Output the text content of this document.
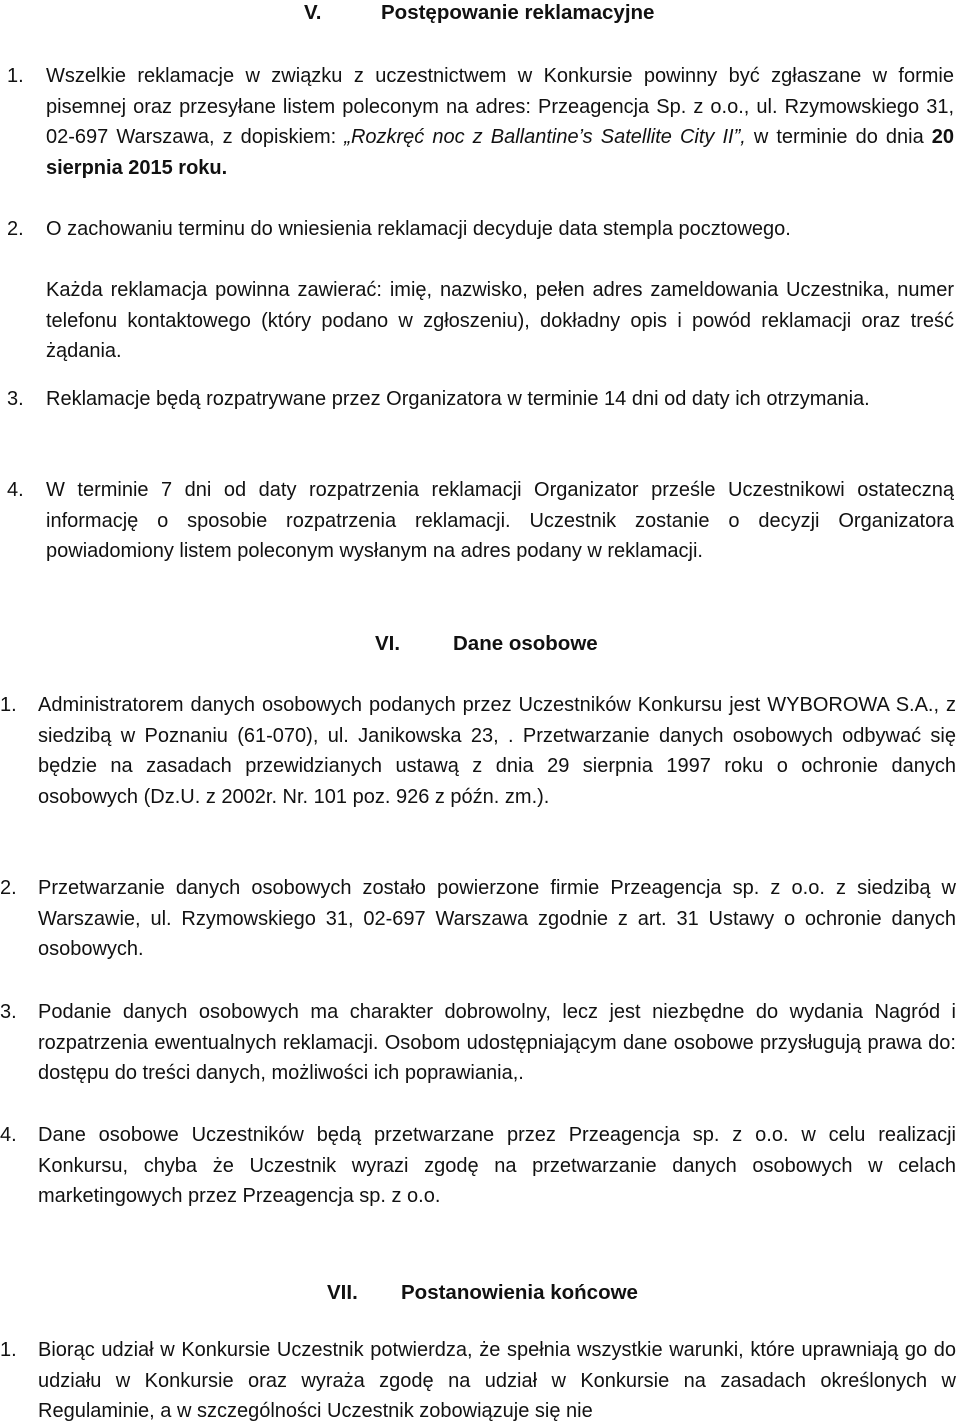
V.	Postępowanie reklamacyjne
1. Wszelkie reklamacje w związku z uczestnictwem w Konkursie powinny być zgłaszane w formie pisemnej oraz przesyłane listem poleconym na adres: Przeagencja Sp. z o.o., ul. Rzymowskiego 31, 02-697 Warszawa, z dopiskiem: „Rozkręć noc z Ballantine’s Satellite City II”, w terminie do dnia 20 sierpnia 2015 roku.
2. O zachowaniu terminu do wniesienia reklamacji decyduje data stempla pocztowego.
Każda reklamacja powinna zawierać: imię, nazwisko, pełen adres zameldowania Uczestnika, numer telefonu kontaktowego (który podano w zgłoszeniu), dokładny opis i powód reklamacji oraz treść żądania.
3. Reklamacje będą rozpatrywane przez Organizatora w terminie 14 dni od daty ich otrzymania.
4. W terminie 7 dni od daty rozpatrzenia reklamacji Organizator prześle Uczestnikowi ostateczną informację o sposobie rozpatrzenia reklamacji. Uczestnik zostanie o decyzji Organizatora powiadomiony listem poleconym wysłanym na adres podany w reklamacji.
VI.	Dane osobowe
1. Administratorem danych osobowych podanych przez Uczestników Konkursu jest WYBOROWA S.A., z siedzibą w Poznaniu (61-070), ul. Janikowska 23, . Przetwarzanie danych osobowych odbywać się będzie na zasadach przewidzianych ustawą z dnia 29 sierpnia 1997 roku o ochronie danych osobowych (Dz.U. z 2002r. Nr. 101 poz. 926 z późn. zm.).
2. Przetwarzanie danych osobowych zostało powierzone firmie Przeagencja sp. z o.o. z siedzibą w Warszawie, ul. Rzymowskiego 31, 02-697 Warszawa zgodnie z art. 31 Ustawy o ochronie danych osobowych.
3. Podanie danych osobowych ma charakter dobrowolny, lecz jest niezbędne do wydania Nagród i rozpatrzenia ewentualnych reklamacji. Osobom udostępniającym dane osobowe przysługują prawa do: dostępu do treści danych, możliwości ich poprawiania,.
4. Dane osobowe Uczestników będą przetwarzane przez Przeagencja sp. z o.o. w celu realizacji Konkursu, chyba że Uczestnik wyrazi zgodę na przetwarzanie danych osobowych w celach marketingowych przez Przeagencja sp. z o.o.
VII. Postanowienia końcowe
1. Biorąc udział w Konkursie Uczestnik potwierdza, że spełnia wszystkie warunki, które uprawniają go do udziału w Konkursie oraz wyraża zgodę na udział w Konkursie na zasadach określonych w Regulaminie, a w szczególności Uczestnik zobowiązuje się nie
